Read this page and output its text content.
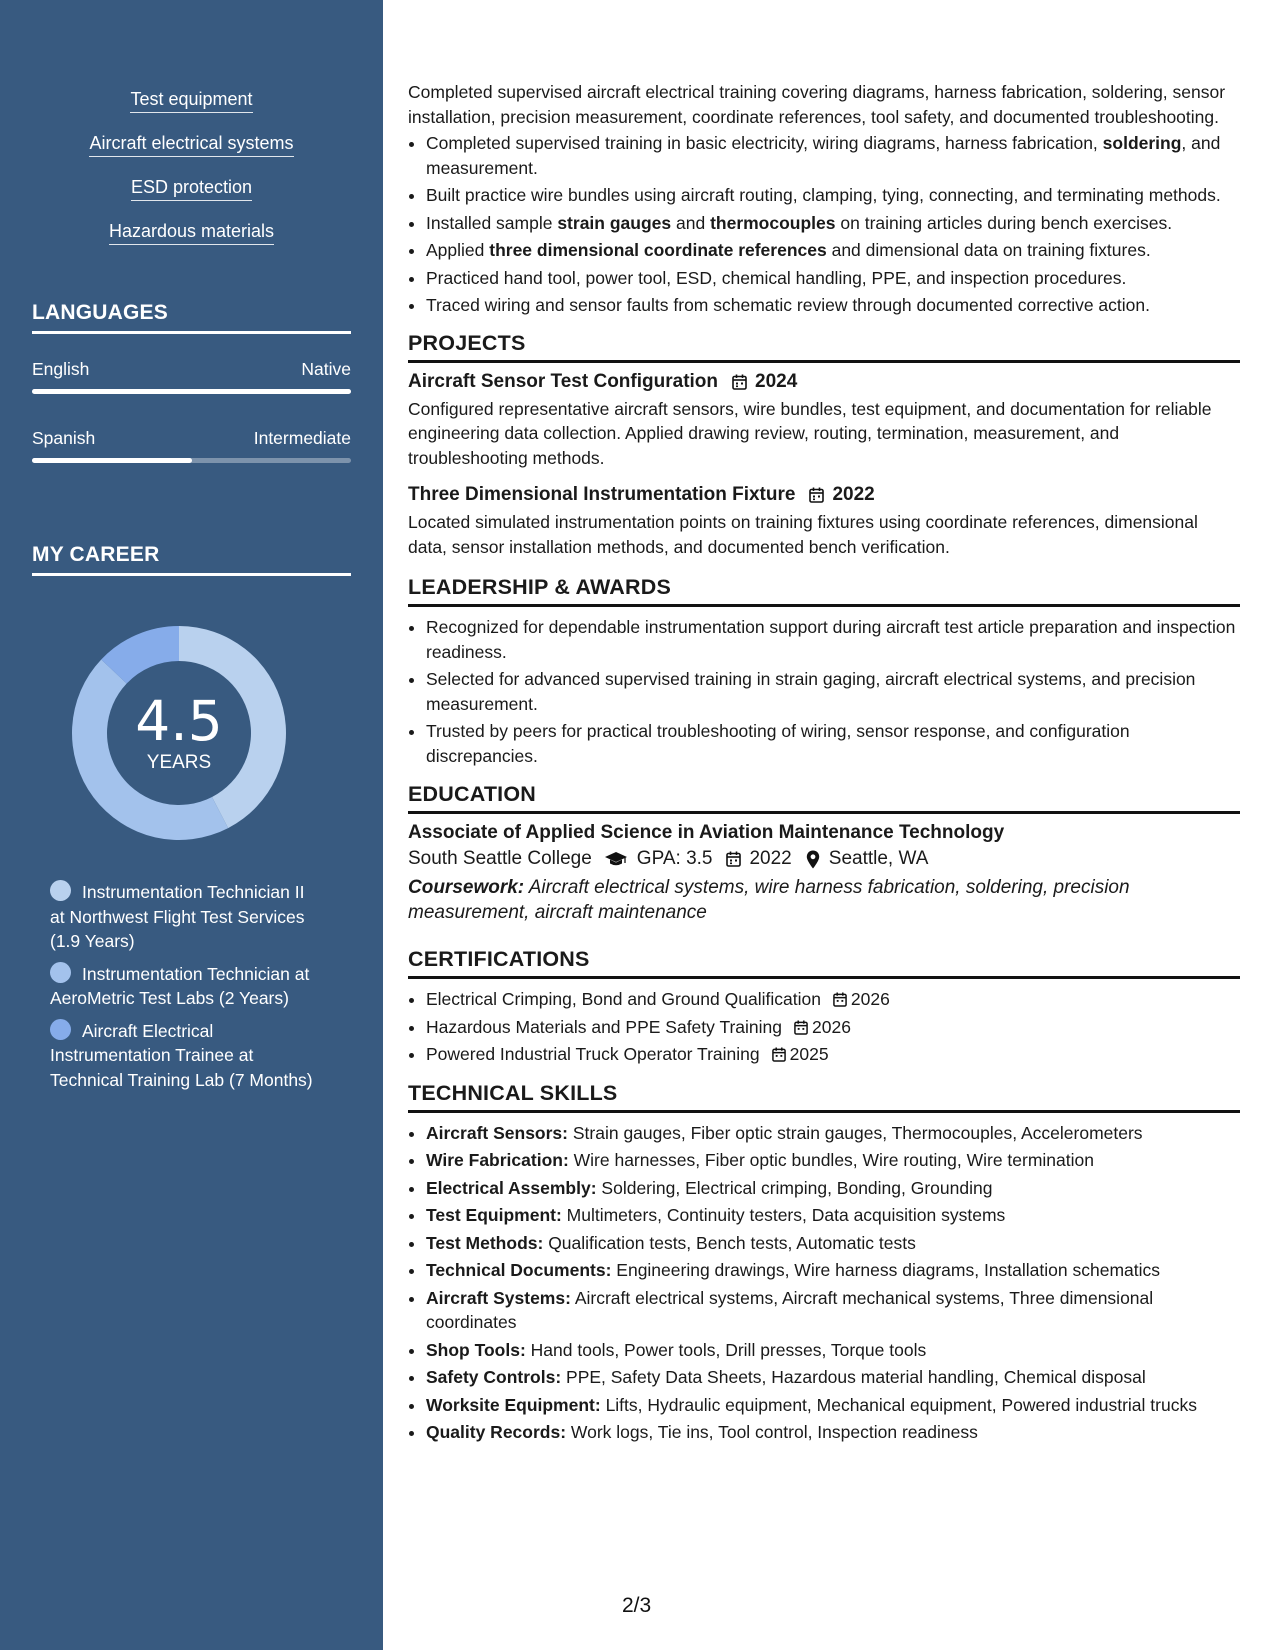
Test equipment
Aircraft electrical systems
ESD protection
Hazardous materials
LANGUAGES
English	Native
Spanish	Intermediate
MY CAREER
4.5
YEARS
Instrumentation Technician II at Northwest Flight Test Services (1.9 Years)
Instrumentation Technician at AeroMetric Test Labs (2 Years)
Aircraft Electrical Instrumentation Trainee at Technical Training Lab (7 Months)

Completed supervised aircraft electrical training covering diagrams, harness fabrication, soldering, sensor installation, precision measurement, coordinate references, tool safety, and documented troubleshooting.

• Completed supervised training in basic electricity, wiring diagrams, harness fabrication, soldering, and measurement.
• Built practice wire bundles using aircraft routing, clamping, tying, connecting, and terminating methods.
• Installed sample strain gauges and thermocouples on training articles during bench exercises.
• Applied three dimensional coordinate references and dimensional data on training fixtures.
• Practiced hand tool, power tool, ESD, chemical handling, PPE, and inspection procedures.
• Traced wiring and sensor faults from schematic review through documented corrective action.
PROJECTS
Aircraft Sensor Test Configuration 2024

Configured representative aircraft sensors, wire bundles, test equipment, and documentation for reliable engineering data collection. Applied drawing review, routing, termination, measurement, and troubleshooting methods.

Three Dimensional Instrumentation Fixture 2022

Located simulated instrumentation points on training fixtures using coordinate references, dimensional data, sensor installation methods, and documented bench verification.

LEADERSHIP & AWARDS
• Recognized for dependable instrumentation support during aircraft test article preparation and inspection readiness.
• Selected for advanced supervised training in strain gaging, aircraft electrical systems, and precision measurement.
• Trusted by peers for practical troubleshooting of wiring, sensor response, and configuration discrepancies.
EDUCATION
Associate of Applied Science in Aviation Maintenance Technology
South Seattle College GPA: 3.5 2022 Seattle, WA

Coursework: Aircraft electrical systems, wire harness fabrication, soldering, precision measurement, aircraft maintenance

CERTIFICATIONS
• Electrical Crimping, Bond and Ground Qualification 2026
• Hazardous Materials and PPE Safety Training 2026
• Powered Industrial Truck Operator Training 2025
TECHNICAL SKILLS
• Aircraft Sensors: Strain gauges, Fiber optic strain gauges, Thermocouples, Accelerometers
• Wire Fabrication: Wire harnesses, Fiber optic bundles, Wire routing, Wire termination
• Electrical Assembly: Soldering, Electrical crimping, Bonding, Grounding
• Test Equipment: Multimeters, Continuity testers, Data acquisition systems
• Test Methods: Qualification tests, Bench tests, Automatic tests
• Technical Documents: Engineering drawings, Wire harness diagrams, Installation schematics
• Aircraft Systems: Aircraft electrical systems, Aircraft mechanical systems, Three dimensional coordinates
• Shop Tools: Hand tools, Power tools, Drill presses, Torque tools
• Safety Controls: PPE, Safety Data Sheets, Hazardous material handling, Chemical disposal
• Worksite Equipment: Lifts, Hydraulic equipment, Mechanical equipment, Powered industrial trucks
• Quality Records: Work logs, Tie ins, Tool control, Inspection readiness
2/3
